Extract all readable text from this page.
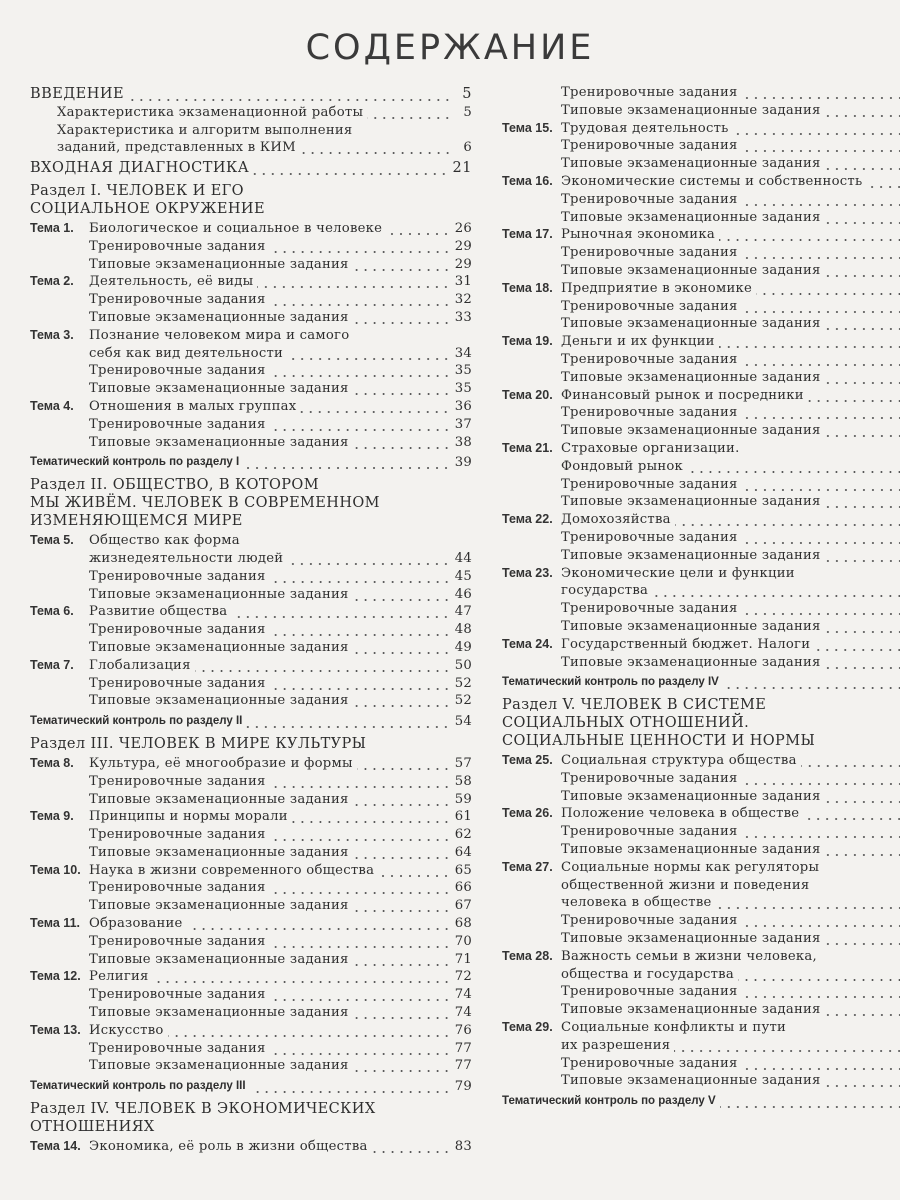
СОДЕРЖАНИЕ
ВВЕДЕНИЕ	5
Характеристика экзаменационной работы	5
Характеристика и алгоритм выполнения
заданий, представленных в КИМ	6
ВХОДНАЯ ДИАГНОСТИКА	21
Раздел I. ЧЕЛОВЕК И ЕГО
СОЦИАЛЬНОЕ ОКРУЖЕНИЕ
Тема 1.	Биологическое и социальное в человеке	26
Тренировочные задания	29
Типовые экзаменационные задания	29
Тема 2.	Деятельность, её виды	31
Тренировочные задания	32
Типовые экзаменационные задания	33
Тема 3.	Познание человеком мира и самого
себя как вид деятельности	34
Тренировочные задания	35
Типовые экзаменационные задания	35
Тема 4.	Отношения в малых группах	36
Тренировочные задания	37
Типовые экзаменационные задания	38
Тематический контроль по разделу I	39
Раздел II. ОБЩЕСТВО, В КОТОРОМ
МЫ ЖИВЁМ. ЧЕЛОВЕК В СОВРЕМЕННОМ
ИЗМЕНЯЮЩЕМСЯ МИРЕ
Тема 5.	Общество как форма
жизнедеятельности людей	44
Тренировочные задания	45
Типовые экзаменационные задания	46
Тема 6.	Развитие общества	47
Тренировочные задания	48
Типовые экзаменационные задания	49
Тема 7.	Глобализация	50
Тренировочные задания	52
Типовые экзаменационные задания	52
Тематический контроль по разделу II	54
Раздел III. ЧЕЛОВЕК В МИРЕ КУЛЬТУРЫ
Тема 8.	Культура, её многообразие и формы	57
Тренировочные задания	58
Типовые экзаменационные задания	59
Тема 9.	Принципы и нормы морали	61
Тренировочные задания	62
Типовые экзаменационные задания	64
Тема 10. Наука в жизни современного общества	65
Тренировочные задания	66
Типовые экзаменационные задания	67
Тема 11. Образование	68
Тренировочные задания	70
Типовые экзаменационные задания	71
Тема 12. Религия	72
Тренировочные задания	74
Типовые экзаменационные задания	74
Тема 13. Искусство	76
Тренировочные задания	77
Типовые экзаменационные задания	77
Тематический контроль по разделу III	79
Раздел IV. ЧЕЛОВЕК В ЭКОНОМИЧЕСКИХ
ОТНОШЕНИЯХ
Тема 14. Экономика, её роль в жизни общества	83
Тренировочные задания
Типовые экзаменационные задания
Тема 15. Трудовая деятельность
Тренировочные задания
Типовые экзаменационные задания
Тема 16. Экономические системы и собственность
Тренировочные задания
Типовые экзаменационные задания
Тема 17. Рыночная экономика
Тренировочные задания
Типовые экзаменационные задания
Тема 18. Предприятие в экономике
Тренировочные задания
Типовые экзаменационные задания
Тема 19. Деньги и их функции
Тренировочные задания
Типовые экзаменационные задания
Тема 20. Финансовый рынок и посредники
Тренировочные задания
Типовые экзаменационные задания
Тема 21. Страховые организации.
Фондовый рынок
Тренировочные задания
Типовые экзаменационные задания
Тема 22. Домохозяйства
Тренировочные задания
Типовые экзаменационные задания
Тема 23. Экономические цели и функции
государства
Тренировочные задания
Типовые экзаменационные задания
Тема 24. Государственный бюджет. Налоги
Типовые экзаменационные задания
Тематический контроль по разделу IV
Раздел V. ЧЕЛОВЕК В СИСТЕМЕ
СОЦИАЛЬНЫХ ОТНОШЕНИЙ.
СОЦИАЛЬНЫЕ ЦЕННОСТИ И НОРМЫ
Тема 25. Социальная структура общества
Тренировочные задания
Типовые экзаменационные задания
Тема 26. Положение человека в обществе
Тренировочные задания
Типовые экзаменационные задания
Тема 27. Социальные нормы как регуляторы
общественной жизни и поведения
человека в обществе
Тренировочные задания
Типовые экзаменационные задания
Тема 28. Важность семьи в жизни человека,
общества и государства
Тренировочные задания
Типовые экзаменационные задания
Тема 29. Социальные конфликты и пути
их разрешения
Тренировочные задания
Типовые экзаменационные задания
Тематический контроль по разделу V
